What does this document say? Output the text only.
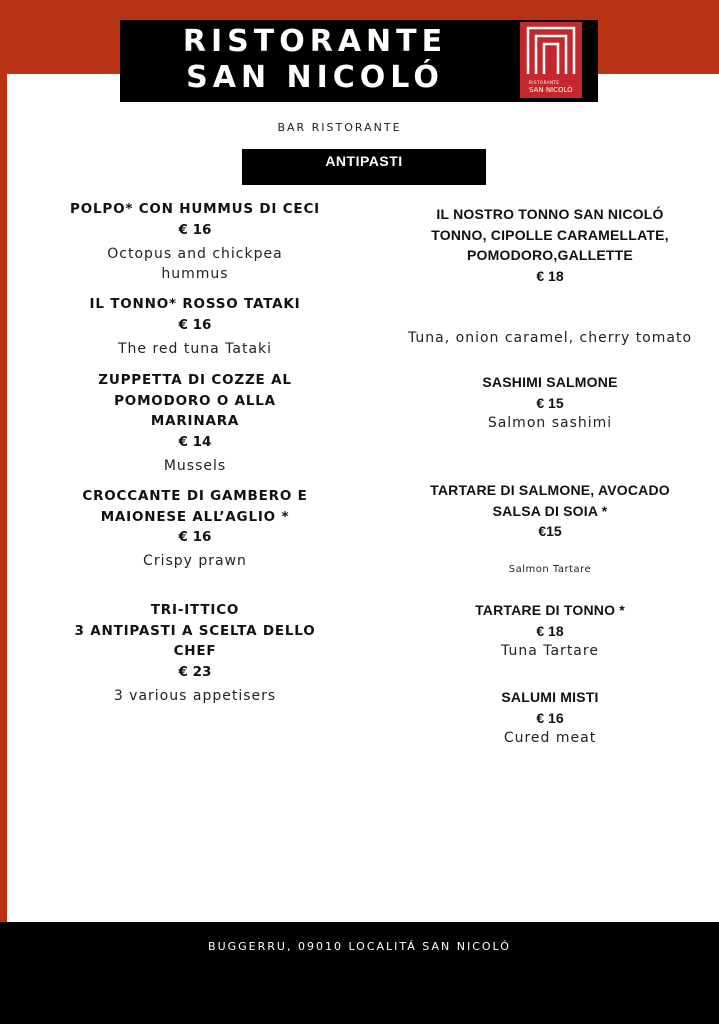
RISTORANTE
SAN NICOLÓ	RISTORANTE
SAN NICOLÒ
BAR RISTORANTE
ANTIPASTI
POLPO* CON HUMMUS DI CECI
€ 16
Octopus and chickpea
hummus
IL TONNO* ROSSO TATAKI
€ 16
The red tuna Tataki
ZUPPETTA DI COZZE AL
POMODORO O ALLA
MARINARA
€ 14
Mussels
CROCCANTE DI GAMBERO E
MAIONESE ALL’AGLIO *
€ 16
Crispy prawn
TRI-ITTICO
3 ANTIPASTI A SCELTA DELLO
CHEF
€ 23
3 various appetisers
IL NOSTRO TONNO SAN NICOLÓ
TONNO, CIPOLLE CARAMELLATE,
POMODORO,GALLETTE
€ 18
Tuna, onion caramel, cherry tomato
SASHIMI SALMONE
€ 15
Salmon sashimi
TARTARE DI SALMONE, AVOCADO
SALSA DI SOIA *
€15
Salmon Tartare
TARTARE DI TONNO *
€ 18
Tuna Tartare
SALUMI MISTI
€ 16
Cured meat
BUGGERRU, 09010 LOCALITÁ SAN NICOLÓ
